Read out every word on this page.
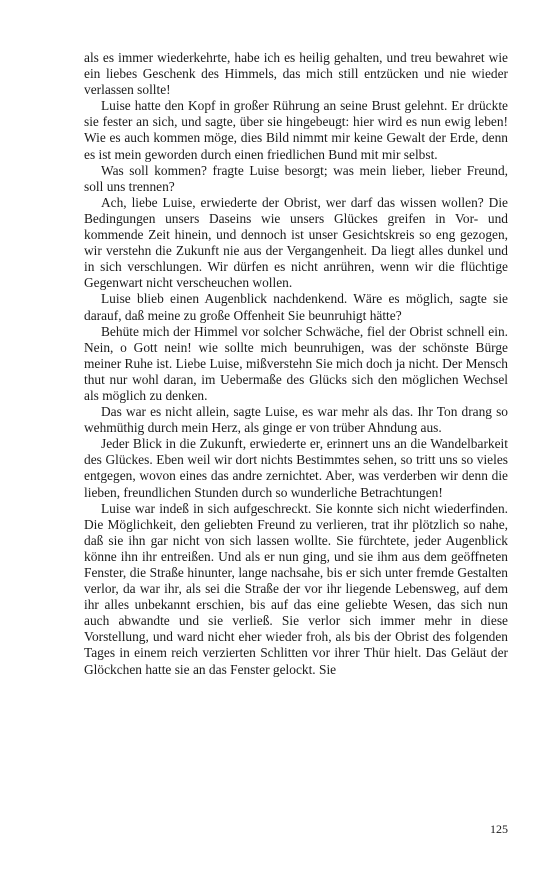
als es immer wiederkehrte, habe ich es heilig gehalten, und treu bewahret wie ein liebes Geschenk des Himmels, das mich still entzücken und nie wieder verlassen sollte!

Luise hatte den Kopf in großer Rührung an seine Brust gelehnt. Er drückte sie fester an sich, und sagte, über sie hingebeugt: hier wird es nun ewig leben! Wie es auch kommen möge, dies Bild nimmt mir keine Gewalt der Erde, denn es ist mein geworden durch einen friedlichen Bund mit mir selbst.

Was soll kommen? fragte Luise besorgt; was mein lieber, lieber Freund, soll uns trennen?

Ach, liebe Luise, erwiederte der Obrist, wer darf das wissen wollen? Die Bedingungen unsers Daseins wie unsers Glückes greifen in Vor- und kommende Zeit hinein, und dennoch ist unser Gesichtskreis so eng gezogen, wir verstehn die Zukunft nie aus der Vergangenheit. Da liegt alles dunkel und in sich verschlungen. Wir dürfen es nicht anrühren, wenn wir die flüchtige Gegenwart nicht verscheuchen wollen.

Luise blieb einen Augenblick nachdenkend. Wäre es möglich, sagte sie darauf, daß meine zu große Offenheit Sie beunruhigt hätte?

Behüte mich der Himmel vor solcher Schwäche, fiel der Obrist schnell ein. Nein, o Gott nein! wie sollte mich beunruhigen, was der schönste Bürge meiner Ruhe ist. Liebe Luise, mißverstehn Sie mich doch ja nicht. Der Mensch thut nur wohl daran, im Uebermaße des Glücks sich den möglichen Wechsel als möglich zu denken.

Das war es nicht allein, sagte Luise, es war mehr als das. Ihr Ton drang so wehmüthig durch mein Herz, als ginge er von trüber Ahndung aus.

Jeder Blick in die Zukunft, erwiederte er, erinnert uns an die Wandelbarkeit des Glückes. Eben weil wir dort nichts Bestimmtes sehen, so tritt uns so vieles entgegen, wovon eines das andre zernichtet. Aber, was verderben wir denn die lieben, freundlichen Stunden durch so wunderliche Betrachtungen!

Luise war indeß in sich aufgeschreckt. Sie konnte sich nicht wiederfinden. Die Möglichkeit, den geliebten Freund zu verlieren, trat ihr plötzlich so nahe, daß sie ihn gar nicht von sich lassen wollte. Sie fürchtete, jeder Augenblick könne ihn ihr entreißen. Und als er nun ging, und sie ihm aus dem geöffneten Fenster, die Straße hinunter, lange nachsahe, bis er sich unter fremde Gestalten verlor, da war ihr, als sei die Straße der vor ihr liegende Lebensweg, auf dem ihr alles unbekannt erschien, bis auf das eine geliebte Wesen, das sich nun auch abwandte und sie verließ. Sie verlor sich immer mehr in diese Vorstellung, und ward nicht eher wieder froh, als bis der Obrist des folgenden Tages in einem reich verzierten Schlitten vor ihrer Thür hielt. Das Geläut der Glöckchen hatte sie an das Fenster gelockt. Sie

125
